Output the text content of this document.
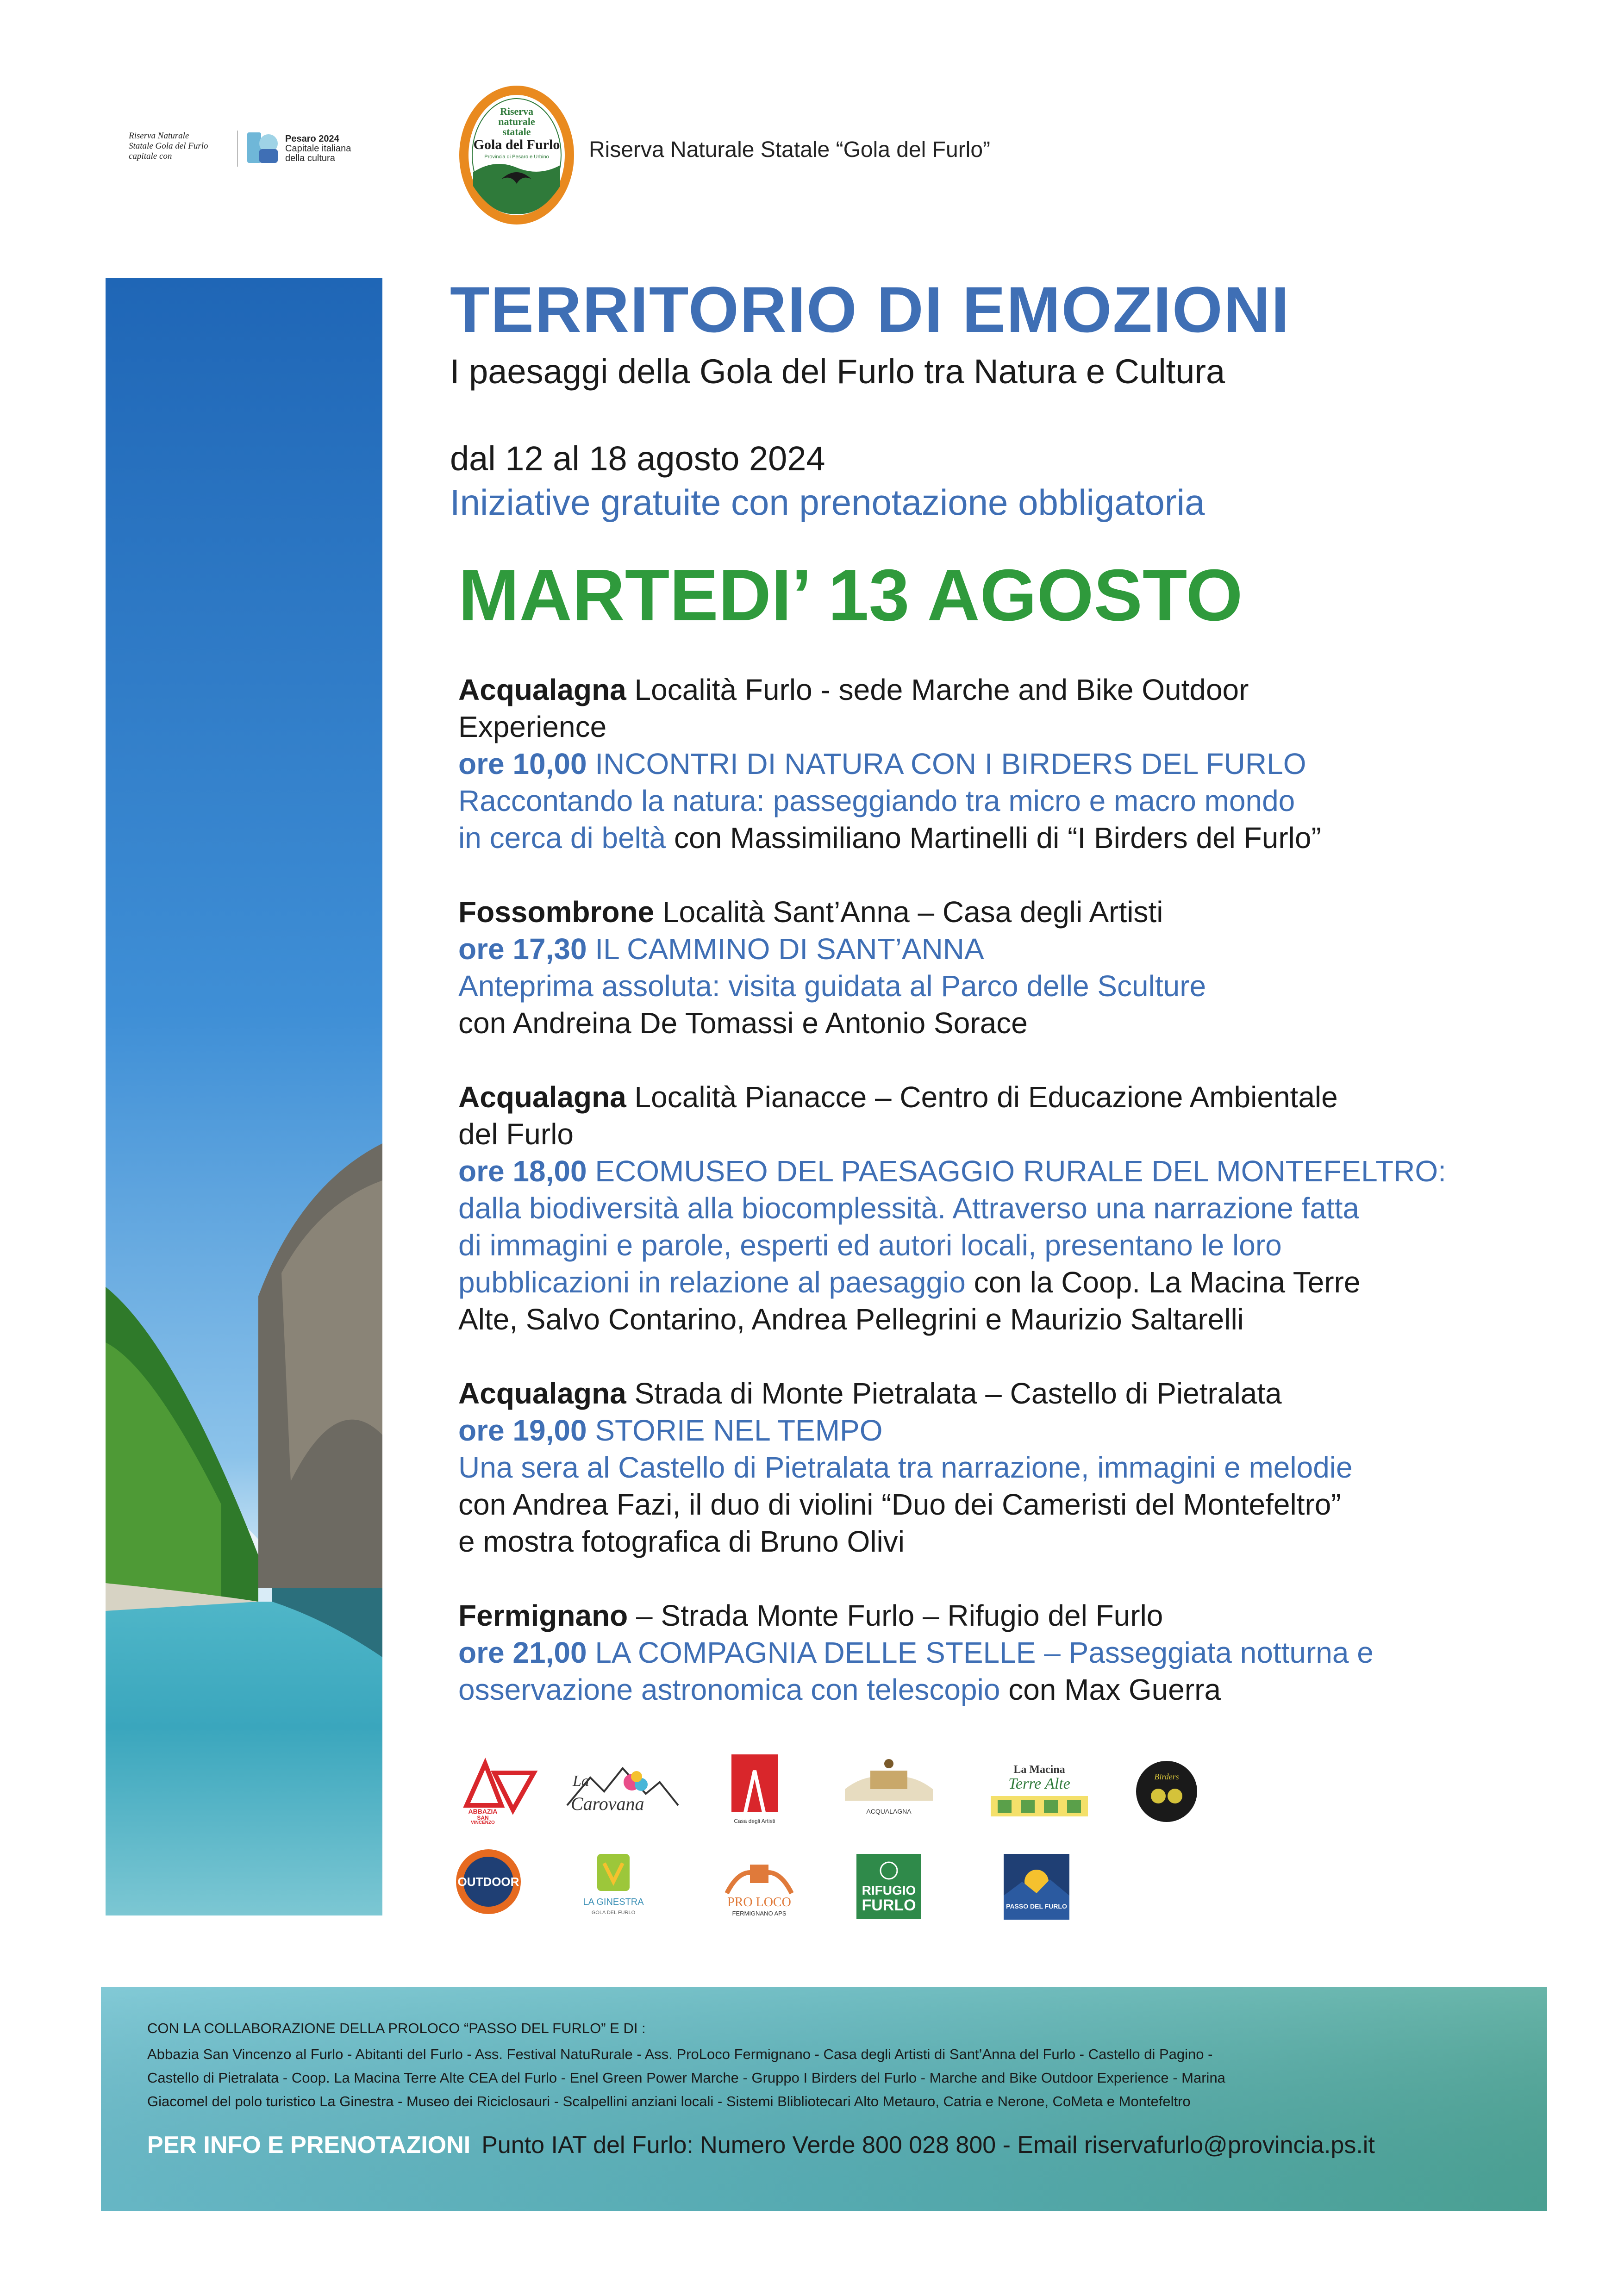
Riserva Naturale
Statale Gola del Furlo
capitale con
Pesaro 2024
Capitale italiana
della cultura
Riserva
naturale
statale
Gola del Furlo
Provincia di Pesaro e Urbino Riserva Naturale Statale “Gola del Furlo”
TERRITORIO DI EMOZIONI
I paesaggi della Gola del Furlo tra Natura e Cultura
dal 12 al 18 agosto 2024
Iniziative gratuite con prenotazione obbligatoria
MARTEDI’ 13 AGOSTO

Acqualagna Località Furlo - sede Marche and Bike Outdoor

Experience

ore 10,00 INCONTRI DI NATURA CON I BIRDERS DEL FURLO

Raccontando la natura: passeggiando tra micro e macro mondo

in cerca di beltà con Massimiliano Martinelli di “I Birders del Furlo”

Fossombrone Località Sant’Anna – Casa degli Artisti

ore 17,30 IL CAMMINO DI SANT’ANNA

Anteprima assoluta: visita guidata al Parco delle Sculture

con Andreina De Tomassi e Antonio Sorace

Acqualagna Località Pianacce – Centro di Educazione Ambientale

del Furlo

ore 18,00 ECOMUSEO DEL PAESAGGIO RURALE DEL MONTEFELTRO:

dalla biodiversità alla biocomplessità. Attraverso una narrazione fatta

di immagini e parole, esperti ed autori locali, presentano le loro

pubblicazioni in relazione al paesaggio con la Coop. La Macina Terre

Alte, Salvo Contarino, Andrea Pellegrini e Maurizio Saltarelli

Acqualagna Strada di Monte Pietralata – Castello di Pietralata

ore 19,00 STORIE NEL TEMPO

Una sera al Castello di Pietralata tra narrazione, immagini e melodie

con Andrea Fazi, il duo di violini “Duo dei Cameristi del Montefeltro”

e mostra fotografica di Bruno Olivi

Fermignano – Strada Monte Furlo – Rifugio del Furlo

ore 21,00 LA COMPAGNIA DELLE STELLE – Passeggiata notturna e

osservazione astronomica con telescopio con Max Guerra

ABBAZIA
SAN
VINCENZO
La
Carovana
Casa degli Artisti
ACQUALAGNA
La Macina
Terre Alte	Birders
OUTDOOR
LA GINESTRA
GOLA DEL FURLO
PRO LOCO
FERMIGNANO APS
RIFUGIO
FURLO	PASSO DEL FURLO
CON LA COLLABORAZIONE DELLA PROLOCO “PASSO DEL FURLO” E DI :
Abbazia San Vincenzo al Furlo - Abitanti del Furlo - Ass. Festival NatuRurale - Ass. ProLoco Fermignano - Casa degli Artisti di Sant’Anna del Furlo - Castello di Pagino -
Castello di Pietralata - Coop. La Macina Terre Alte CEA del Furlo - Enel Green Power Marche - Gruppo I Birders del Furlo - Marche and Bike Outdoor Experience - Marina
Giacomel del polo turistico La Ginestra - Museo dei Riciclosauri - Scalpellini anziani locali - Sistemi Blibliotecari Alto Metauro, Catria e Nerone, CoMeta e Montefeltro
PER INFO E PRENOTAZIONI Punto IAT del Furlo: Numero Verde 800 028 800 - Email riservafurlo@provincia.ps.it
